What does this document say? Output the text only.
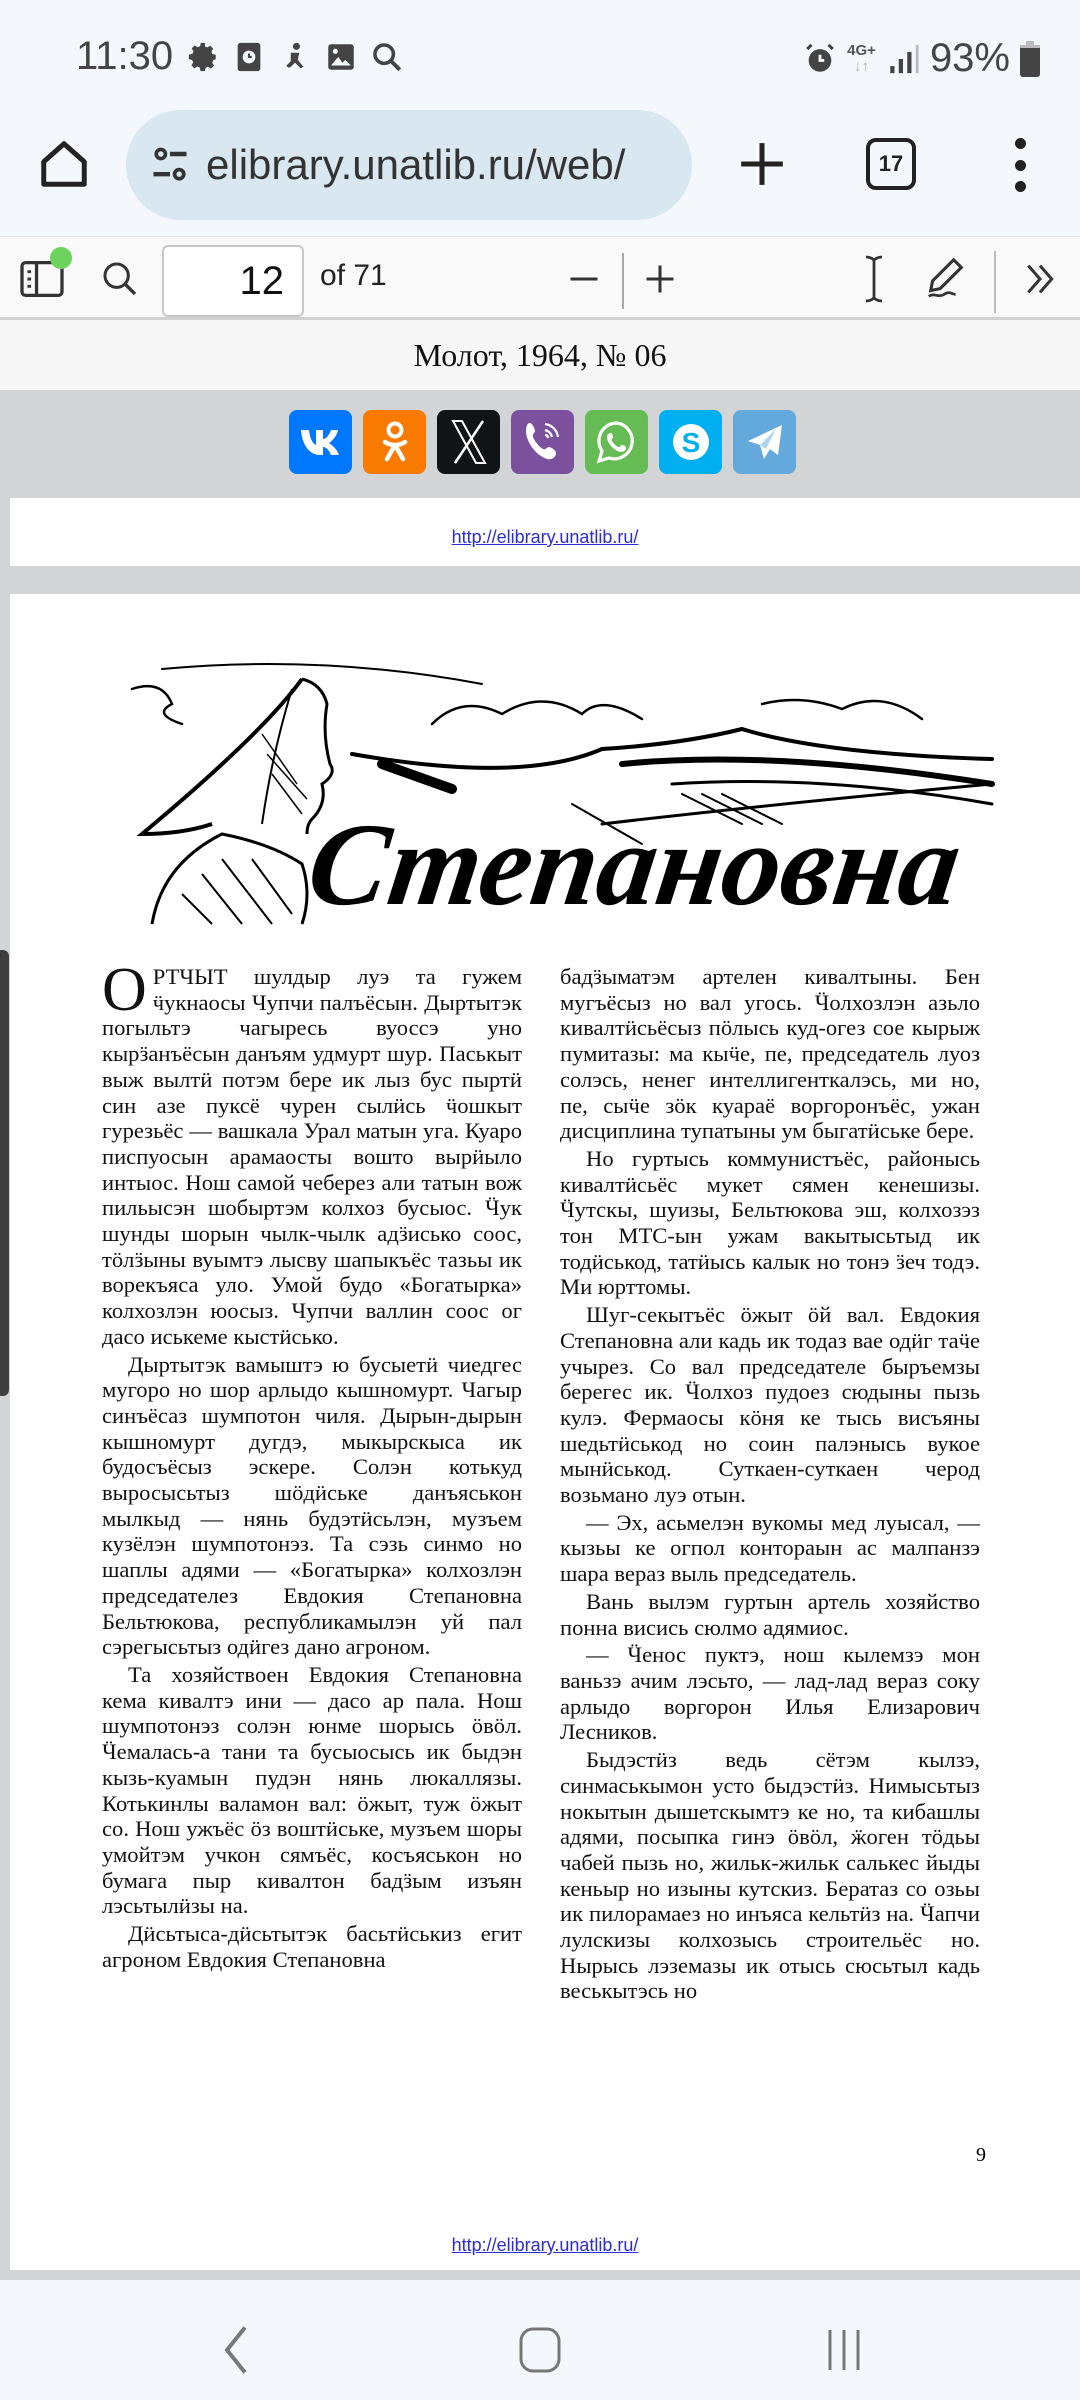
11:30	4G+
↓↑ 93%
elibrary.unatlib.ru/web/	17
12	of 71
Молот, 1964, № 06
S
http://elibrary.unatlib.ru/
Степановна

ОРТЧЫТ шулдыр луэ та гужем ӵукнаосы Чупчи палъёсын. Дыртытэк погыльтэ чагыресь вуоссэ уно кырӟанъёсын данъям удмурт шур. Паськыт выж вылтӥ потэм бере ик лыз бус пыртӥ син азе пуксё чурен сылӥсь ӵошкыт гурезьёс — вашкала Урал матын уга. Куаро писпуосын арамаосты вошто вырӥыло интыос. Нош самой чеберез али татын вож пильысэн шобыртэм колхоз бусыос. Ӵук шунды шорын чылк-чылк адӟисько соос, тӧлӟыны вуымтэ лысву шапыкъёс тазьы ик ворекъяса уло. Умой будо «Богатырка» колхозлэн юосыз. Чупчи валлин соос ог дасо иськеме кыстӥсько.

Дыртытэк вамыштэ ю бусыетӥ чиедгес мугоро но шор арлыдо кышномурт. Чагыр синъёсаз шумпотон чиля. Дырын-дырын кышномурт дугдэ, мыкырскыса ик будосъёсыз эскере. Солэн котькуд выросысьтыз шӧдӥське данъяськон мылкыд — нянь будэтӥсьлэн, музъем кузёлэн шумпотонэз. Та сэзь синмо но шаплы адями — «Богатырка» колхозлэн председателез Евдокия Степановна Бельтюкова, республикамылэн уй пал сэрегысьтыз одӥгез дано агроном.

Та хозяйствоен Евдокия Степановна кема кивалтэ ини — дасо ар пала. Нош шумпотонэз солэн юнме шорысь ӧвӧл. Ӵемалась-а тани та бусыосысь ик быдэн кызь-куамын пудэн нянь люкаллязы. Котькинлы валамон вал: ӧжыт, туж ӧжыт со. Нош ужъёс ӧз воштӥське, музъем шоры умойтэм учкон сямъёс, косъяськон но бумага пыр кивалтон бадӟым изъян лэсьтылӥзы на.

Дӥсьтыса-дӥсьтытэк басьтӥськиз егит агроном Евдокия Степановна

бадӟыматэм артелен кивалтыны. Бен мугъёсыз но вал угось. Ӵолхозлэн азьло кивалтӥсьёсыз пӧлысь куд-огез сое кырыж пумитазы: ма кыӵе, пе, председатель луоз солэсь, ненег интеллигенткалэсь, ми но, пе, сыӵе зӧк куараё воргоронъёс, ужан дисциплина тупатыны ум быгатӥське бере.

Но гуртысь коммунистъёс, районысь кивалтӥсьёс мукет сямен кенешизы. Ӵутскы, шуизы, Бельтюкова эш, колхозэз тон МТС-ын ужам вакытысьтыд ик тодӥськод, татӥысь калык но тонэ ӟеч тодэ. Ми юрттомы.

Шуг-секытъёс ӧжыт ӧй вал. Евдокия Степановна али кадь ик тодаз вае одӥг таӵе учырез. Со вал председателе быръемзы берегес ик. Ӵолхоз пудоез сюдыны пызь кулэ. Фермаосы кӧня ке тысь висъяны шедьтӥськод но соин палэнысь вукое мынӥськод. Суткаен-суткаен черод возьмано луэ отын.

— Эх, асьмелэн вукомы мед луысал, — кызьы ке огпол контораын ас малпанзэ шара вераз выль председатель.

Вань вылэм гуртын артель хозяйство понна висись сюлмо адямиос.

— Ӵенос пуктэ, нош кылемзэ мон ваньзэ ачим лэсьто, — лад-лад вераз соку арлыдо воргорон Илья Елизарович Лесников.

Быдэстӥз ведь сётэм кылзэ, синмаськымон усто быдэстӥз. Нимысьтыз нокытын дышетскымтэ ке но, та кибашлы адями, посыпка гинэ ӧвӧл, ӝоген тӧдьы чабей пызь но, жильк-жильк салькес йыды кеньыр но изыны кутскиз. Бератаз со озьы ик пилорамаез но инъяса кельтӥз на. Ӵапчи лулскизы колхозысь строительёс но. Нырысь лэземазы ик отысь сюсьтыл кадь веськытэсь но

9
http://elibrary.unatlib.ru/
